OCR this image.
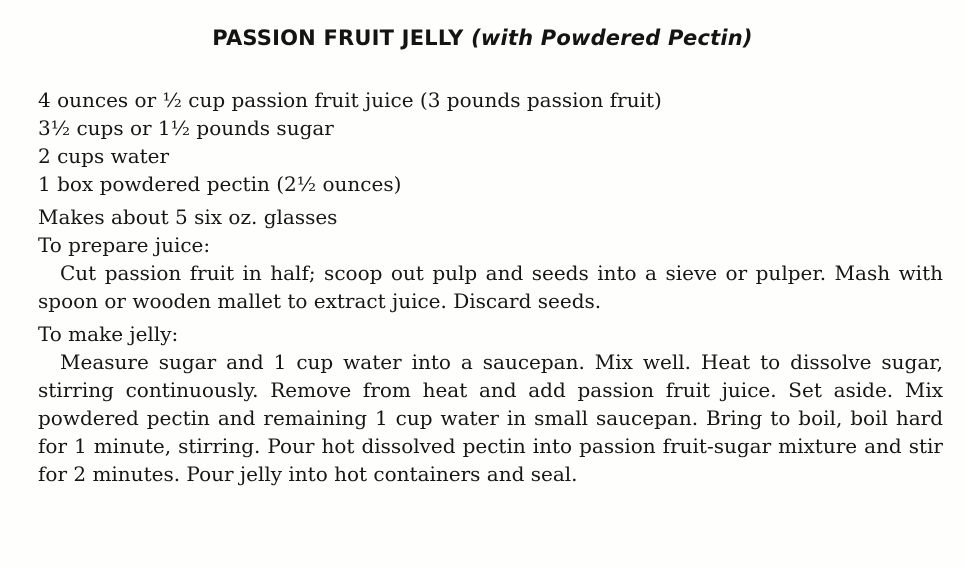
PASSION FRUIT JELLY (with Powdered Pectin)
4 ounces or ½ cup passion fruit juice (3 pounds passion fruit)
3½ cups or 1½ pounds sugar
2 cups water
1 box powdered pectin (2½ ounces)
Makes about 5 six oz. glasses
To prepare juice:

Cut passion fruit in half; scoop out pulp and seeds into a sieve or pulper. Mash with spoon or wooden mallet to extract juice. Discard seeds.

To make jelly:

Measure sugar and 1 cup water into a saucepan. Mix well. Heat to dissolve sugar, stirring continuously. Remove from heat and add passion fruit juice. Set aside. Mix powdered pectin and remaining 1 cup water in small saucepan. Bring to boil, boil hard for 1 minute, stirring. Pour hot dissolved pectin into passion fruit-sugar mixture and stir for 2 minutes. Pour jelly into hot containers and seal.
